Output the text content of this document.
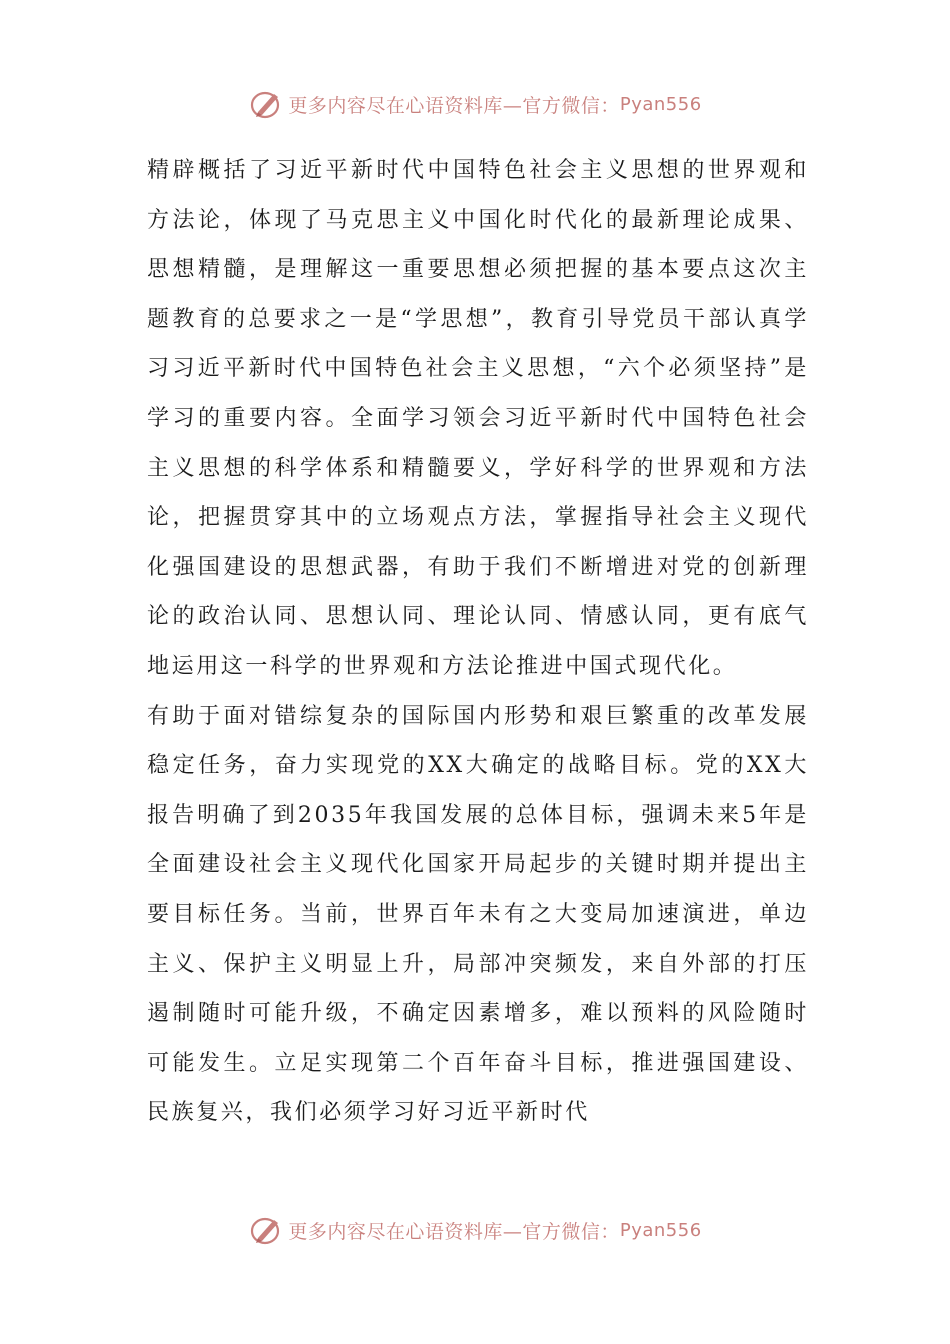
更多内容尽在心语资料库—官方微信： Pyan556

精辟概括了习近平新时代中国特色社会主义思想的世界观和方法论，体现了马克思主义中国化时代化的最新理论成果、思想精髓，是理解这一重要思想必须把握的基本要点这次主题教育的总要求之一是“学思想”，教育引导党员干部认真学习习近平新时代中国特色社会主义思想，“六个必须坚持”是学习的重要内容。全面学习领会习近平新时代中国特色社会主义思想的科学体系和精髓要义，学好科学的世界观和方法论，把握贯穿其中的立场观点方法，掌握指导社会主义现代化强国建设的思想武器，有助于我们不断增进对党的创新理论的政治认同、思想认同、理论认同、情感认同，更有底气地运用这一科学的世界观和方法论推进中国式现代化。

有助于面对错综复杂的国际国内形势和艰巨繁重的改革发展稳定任务，奋力实现党的XX大确定的战略目标。党的XX大报告明确了到2035年我国发展的总体目标，强调未来5年是全面建设社会主义现代化国家开局起步的关键时期并提出主要目标任务。当前，世界百年未有之大变局加速演进，单边主义、保护主义明显上升，局部冲突频发，来自外部的打压遏制随时可能升级，不确定因素增多，难以预料的风险随时可能发生。立足实现第二个百年奋斗目标，推进强国建设、民族复兴，我们必须学习好习近平新时代

更多内容尽在心语资料库—官方微信： Pyan556
